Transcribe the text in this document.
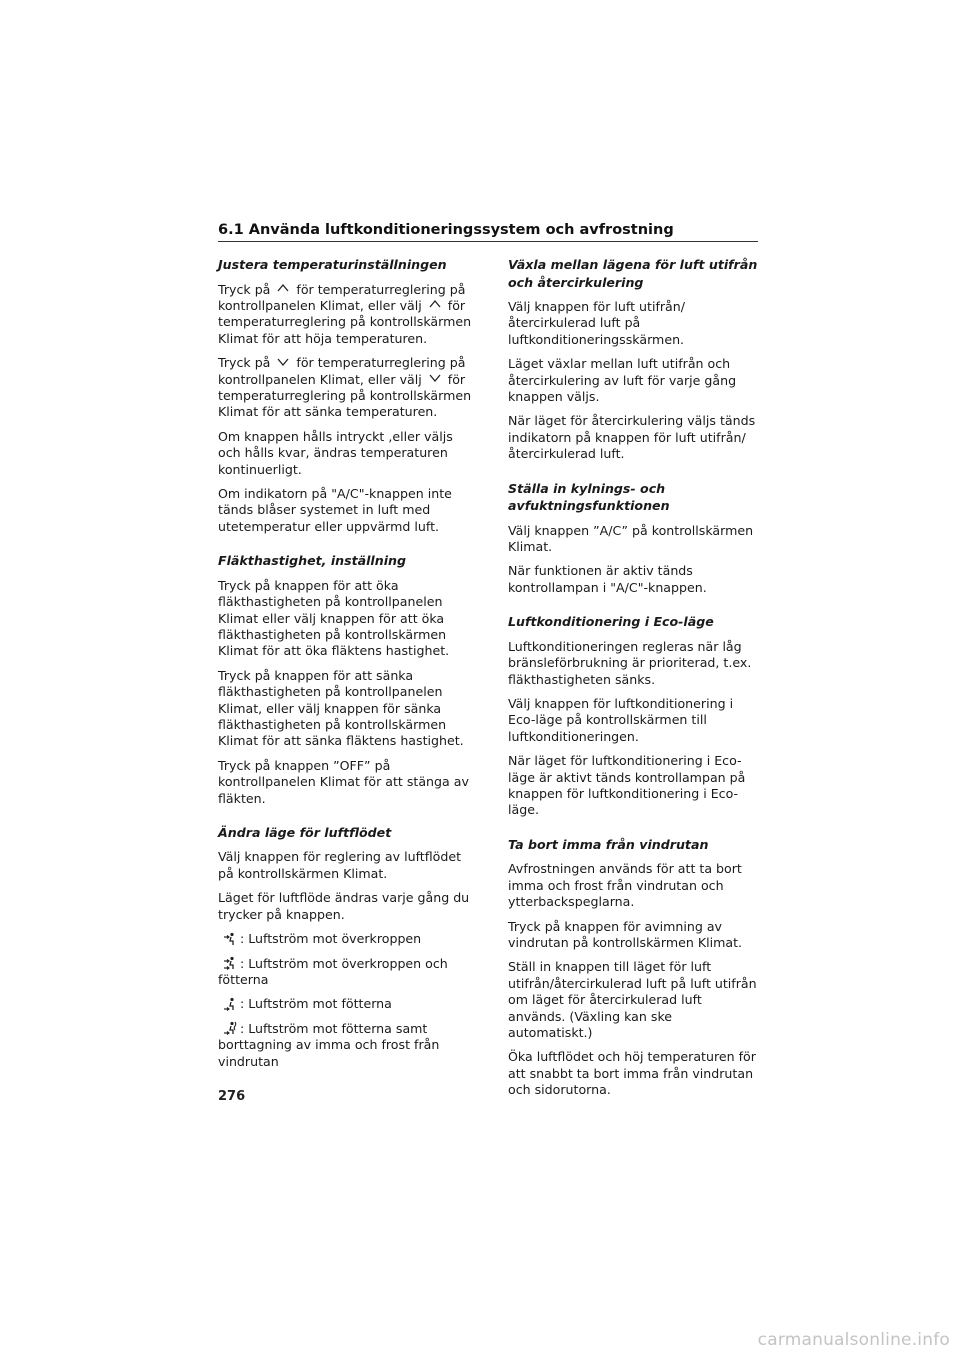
6.1 Använda luftkonditioneringssystem och avfrostning
Justera temperaturinställningen

Tryck på för temperaturreglering på kontrollpanelen Klimat, eller välj för temperaturreglering på kontrollskärmen Klimat för att höja temperaturen.

Tryck på för temperaturreglering på kontrollpanelen Klimat, eller välj för temperaturreglering på kontrollskärmen Klimat för att sänka temperaturen.

Om knappen hålls intryckt ,eller väljs och hålls kvar, ändras temperaturen kontinuerligt.

Om indikatorn på "A/C"-knappen inte tänds blåser systemet in luft med utetemperatur eller uppvärmd luft.

Fläkthastighet, inställning

Tryck på knappen för att öka fläkthastigheten på kontrollpanelen Klimat eller välj knappen för att öka fläkthastigheten på kontrollskärmen Klimat för att öka fläktens hastighet.

Tryck på knappen för att sänka fläkthastigheten på kontrollpanelen Klimat, eller välj knappen för sänka fläkthastigheten på kontrollskärmen Klimat för att sänka fläktens hastighet.

Tryck på knappen ”OFF” på kontrollpanelen Klimat för att stänga av fläkten.

Ändra läge för luftflödet

Välj knappen för reglering av luftflödet på kontrollskärmen Klimat.

Läget för luftflöde ändras varje gång du trycker på knappen.

: Luftström mot överkroppen

: Luftström mot överkroppen och fötterna

: Luftström mot fötterna

: Luftström mot fötterna samt borttagning av imma och frost från vindrutan

Växla mellan lägena för luft utifrån och återcirkulering

Välj knappen för luft utifrån/ återcirkulerad luft på luftkonditioneringsskärmen.

Läget växlar mellan luft utifrån och återcirkulering av luft för varje gång knappen väljs.

När läget för återcirkulering väljs tänds indikatorn på knappen för luft utifrån/återcirkulerad luft.

Ställa in kylnings- och avfuktningsfunktionen

Välj knappen ”A/C” på kontrollskärmen Klimat.

När funktionen är aktiv tänds kontrollampan i "A/C"-knappen.

Luftkonditionering i Eco-läge

Luftkonditioneringen regleras när låg bränsleförbrukning är prioriterad, t.ex. fläkthastigheten sänks.

Välj knappen för luftkonditionering i Eco-läge på kontrollskärmen till luftkonditioneringen.

När läget för luftkonditionering i Eco-läge är aktivt tänds kontrollampan på knappen för luftkonditionering i Eco-läge.

Ta bort imma från vindrutan

Avfrostningen används för att ta bort imma och frost från vindrutan och ytterbackspeglarna.

Tryck på knappen för avimning av vindrutan på kontrollskärmen Klimat.

Ställ in knappen till läget för luft utifrån/återcirkulerad luft på luft utifrån om läget för återcirkulerad luft används. (Växling kan ske automatiskt.)

Öka luftflödet och höj temperaturen för att snabbt ta bort imma från vindrutan och sidorutorna.

276
carmanualsonline.info
